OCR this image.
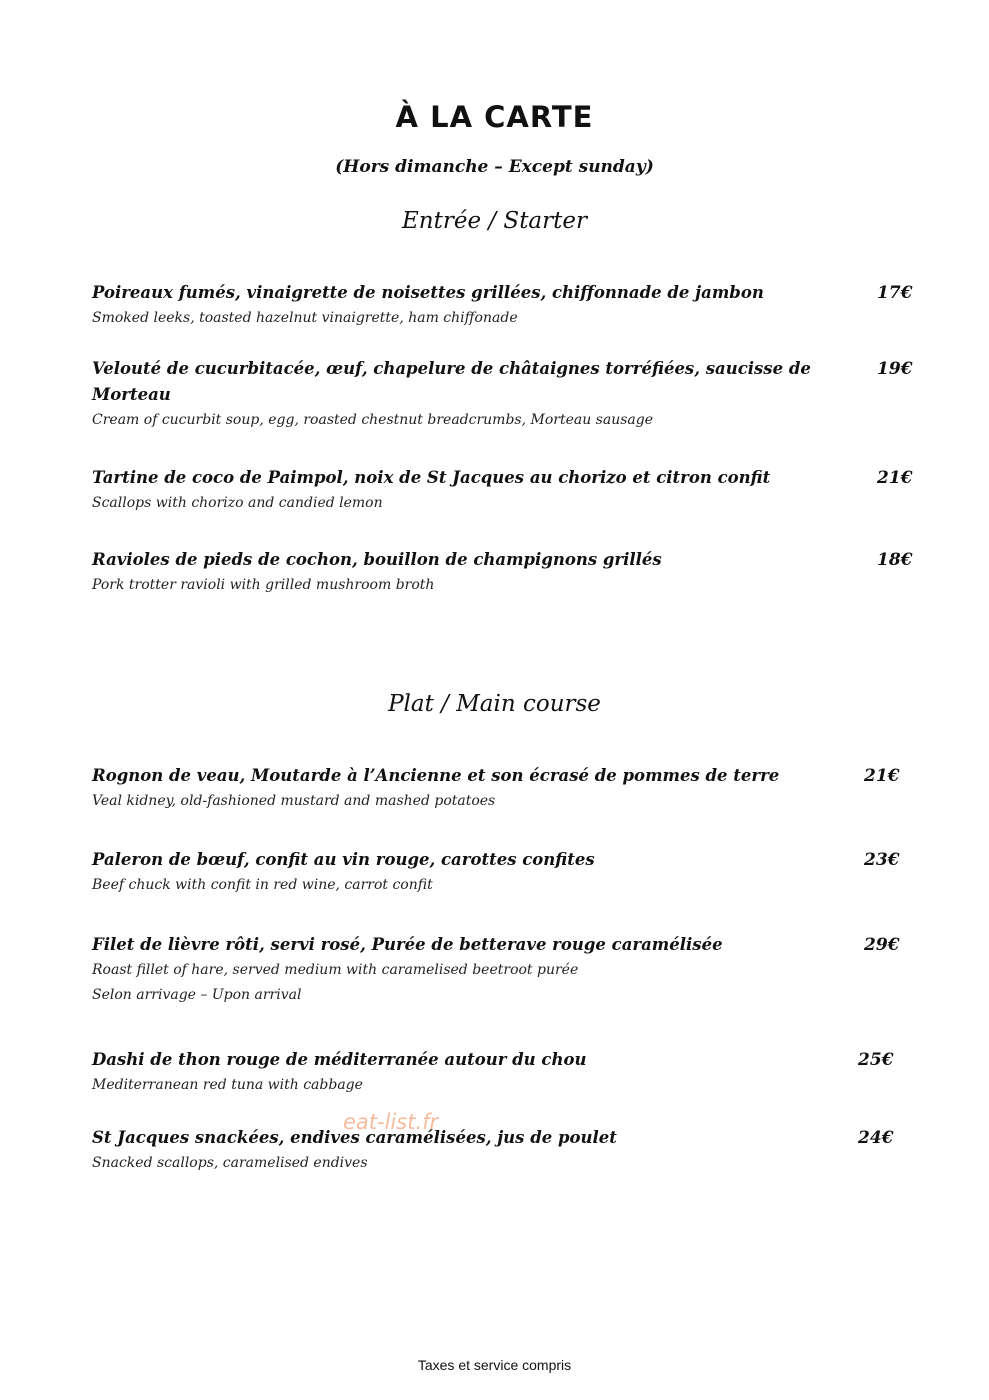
À LA CARTE
(Hors dimanche – Except sunday)
Entrée / Starter
Poireaux fumés, vinaigrette de noisettes grillées, chiffonnade de jambon
Smoked leeks, toasted hazelnut vinaigrette, ham chiffonade
17€
Velouté de cucurbitacée, œuf, chapelure de châtaignes torréfiées, saucisse de Morteau
Cream of cucurbit soup, egg, roasted chestnut breadcrumbs, Morteau sausage
19€
Tartine de coco de Paimpol, noix de St Jacques au chorizo et citron confit
Scallops with chorizo and candied lemon
21€
Ravioles de pieds de cochon, bouillon de champignons grillés
Pork trotter ravioli with grilled mushroom broth
18€
Plat / Main course
Rognon de veau, Moutarde à l’Ancienne et son écrasé de pommes de terre
Veal kidney, old-fashioned mustard and mashed potatoes
21€
Paleron de bœuf, confit au vin rouge, carottes confites
Beef chuck with confit in red wine, carrot confit
23€
Filet de lièvre rôti, servi rosé, Purée de betterave rouge caramélisée
Roast fillet of hare, served medium with caramelised beetroot purée
Selon arrivage – Upon arrival
29€
Dashi de thon rouge de méditerranée autour du chou
Mediterranean red tuna with cabbage
25€
St Jacques snackées, endives caramélisées, jus de poulet
Snacked scallops, caramelised endives
24€
eat-list.fr
Taxes et service compris
